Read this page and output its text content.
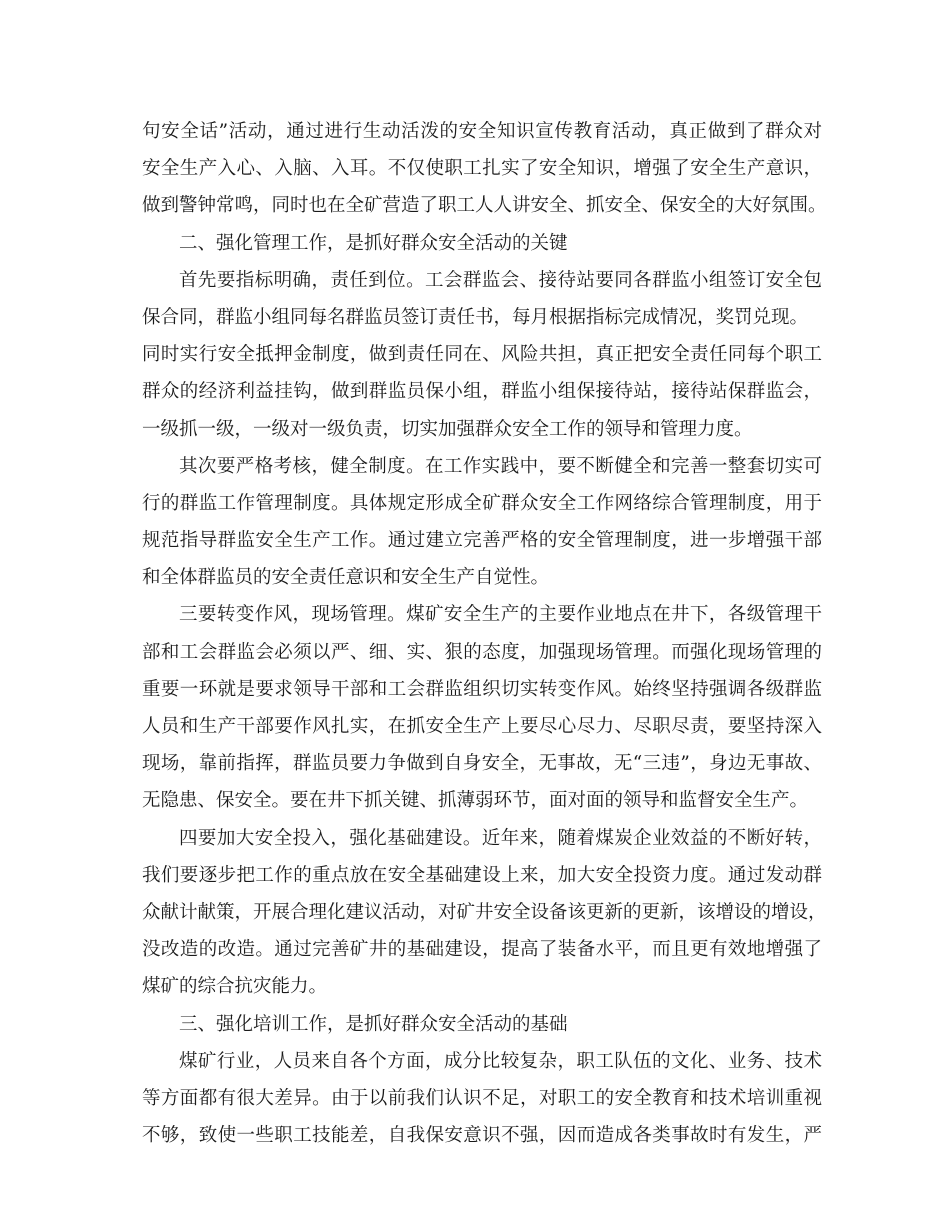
句安全话”活动，通过进行生动活泼的安全知识宣传教育活动，真正做到了群众对
安全生产入心、入脑、入耳。不仅使职工扎实了安全知识，增强了安全生产意识，
做到警钟常鸣，同时也在全矿营造了职工人人讲安全、抓安全、保安全的大好氛围。
二、强化管理工作，是抓好群众安全活动的关键
首先要指标明确，责任到位。工会群监会、接待站要同各群监小组签订安全包
保合同，群监小组同每名群监员签订责任书，每月根据指标完成情况，奖罚兑现。
同时实行安全抵押金制度，做到责任同在、风险共担，真正把安全责任同每个职工
群众的经济利益挂钩，做到群监员保小组，群监小组保接待站，接待站保群监会，
一级抓一级，一级对一级负责，切实加强群众安全工作的领导和管理力度。
其次要严格考核，健全制度。在工作实践中，要不断健全和完善一整套切实可
行的群监工作管理制度。具体规定形成全矿群众安全工作网络综合管理制度，用于
规范指导群监安全生产工作。通过建立完善严格的安全管理制度，进一步增强干部
和全体群监员的安全责任意识和安全生产自觉性。
三要转变作风，现场管理。煤矿安全生产的主要作业地点在井下，各级管理干
部和工会群监会必须以严、细、实、狠的态度，加强现场管理。而强化现场管理的
重要一环就是要求领导干部和工会群监组织切实转变作风。始终坚持强调各级群监
人员和生产干部要作风扎实，在抓安全生产上要尽心尽力、尽职尽责，要坚持深入
现场，靠前指挥，群监员要力争做到自身安全，无事故，无“三违”，身边无事故、
无隐患、保安全。要在井下抓关键、抓薄弱环节，面对面的领导和监督安全生产。
四要加大安全投入，强化基础建设。近年来，随着煤炭企业效益的不断好转，
我们要逐步把工作的重点放在安全基础建设上来，加大安全投资力度。通过发动群
众献计献策，开展合理化建议活动，对矿井安全设备该更新的更新，该增设的增设，
没改造的改造。通过完善矿井的基础建设，提高了装备水平，而且更有效地增强了
煤矿的综合抗灾能力。
三、强化培训工作，是抓好群众安全活动的基础
煤矿行业，人员来自各个方面，成分比较复杂，职工队伍的文化、业务、技术
等方面都有很大差异。由于以前我们认识不足，对职工的安全教育和技术培训重视
不够，致使一些职工技能差，自我保安意识不强，因而造成各类事故时有发生，严
